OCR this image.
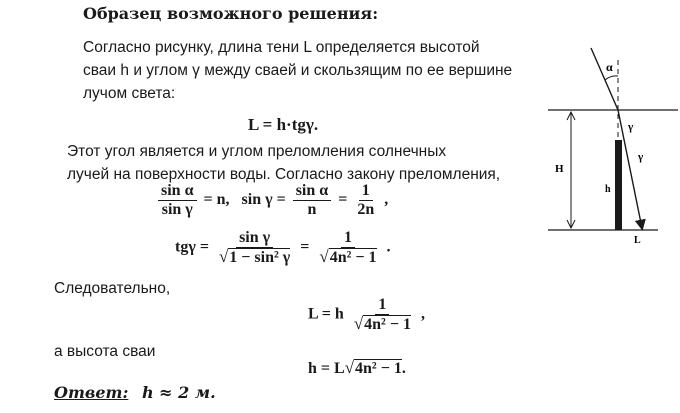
Образец возможного решения:
Согласно рисунку, длина тени L определяется высотой
сваи h и углом γ между сваей и скользящим по ее вершине
лучом света:
L = h·tgγ.
Этот угол является и углом преломления солнечных
лучей на поверхности воды. Согласно закону преломления,
$\frac{\text{sin α}}{\text{sin γ}} = n$, $\sin \gamma = \frac{\text{sin α}}{n} = \frac{1}{2n}$ ,
$tg\gamma = \frac{\text{sin γ}}{\text{√1 − sin² γ}} = \frac{1}{\text{√4n² − 1}}$ .
Следовательно,
L = h $\frac{1}{\text{√4n² − 1}}$ ,
а высота сваи
h = L√4n² − 1.
Ответ: h ≈ 2 м.
α
γ
γ
H
h
L
